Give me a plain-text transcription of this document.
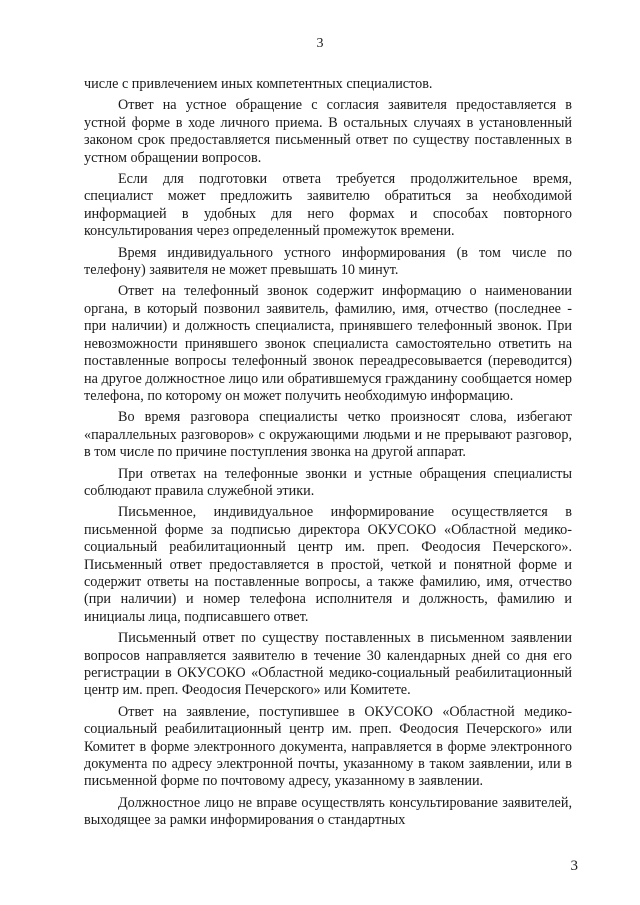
3

числе с привлечением иных компетентных специалистов.

Ответ на устное обращение с согласия заявителя предоставляется в устной форме в ходе личного приема. В остальных случаях в установленный законом срок предоставляется письменный ответ по существу поставленных в устном обращении вопросов.

Если для подготовки ответа требуется продолжительное время, специалист может предложить заявителю обратиться за необходимой информацией в удобных для него формах и способах повторного консультирования через определенный промежуток времени.

Время индивидуального устного информирования (в том числе по телефону) заявителя не может превышать 10 минут.

Ответ на телефонный звонок содержит информацию о наименовании органа, в который позвонил заявитель, фамилию, имя, отчество (последнее - при наличии) и должность специалиста, принявшего телефонный звонок. При невозможности принявшего звонок специалиста самостоятельно ответить на поставленные вопросы телефонный звонок переадресовывается (переводится) на другое должностное лицо или обратившемуся гражданину сообщается номер телефона, по которому он может получить необходимую информацию.

Во время разговора специалисты четко произносят слова, избегают «параллельных разговоров» с окружающими людьми и не прерывают разговор, в том числе по причине поступления звонка на другой аппарат.

При ответах на телефонные звонки и устные обращения специалисты соблюдают правила служебной этики.

Письменное, индивидуальное информирование осуществляется в письменной форме за подписью директора ОКУСОКО «Областной медико-социальный реабилитационный центр им. преп. Феодосия Печерского». Письменный ответ предоставляется в простой, четкой и понятной форме и содержит ответы на поставленные вопросы, а также фамилию, имя, отчество (при наличии) и номер телефона исполнителя и должность, фамилию и инициалы лица, подписавшего ответ.

Письменный ответ по существу поставленных в письменном заявлении вопросов направляется заявителю в течение 30 календарных дней со дня его регистрации в ОКУСОКО «Областной медико-социальный реабилитационный центр им. преп. Феодосия Печерского» или Комитете.

Ответ на заявление, поступившее в ОКУСОКО «Областной медико-социальный реабилитационный центр им. преп. Феодосия Печерского» или Комитет в форме электронного документа, направляется в форме электронного документа по адресу электронной почты, указанному в таком заявлении, или в письменной форме по почтовому адресу, указанному в заявлении.

Должностное лицо не вправе осуществлять консультирование заявителей, выходящее за рамки информирования о стандартных

3
